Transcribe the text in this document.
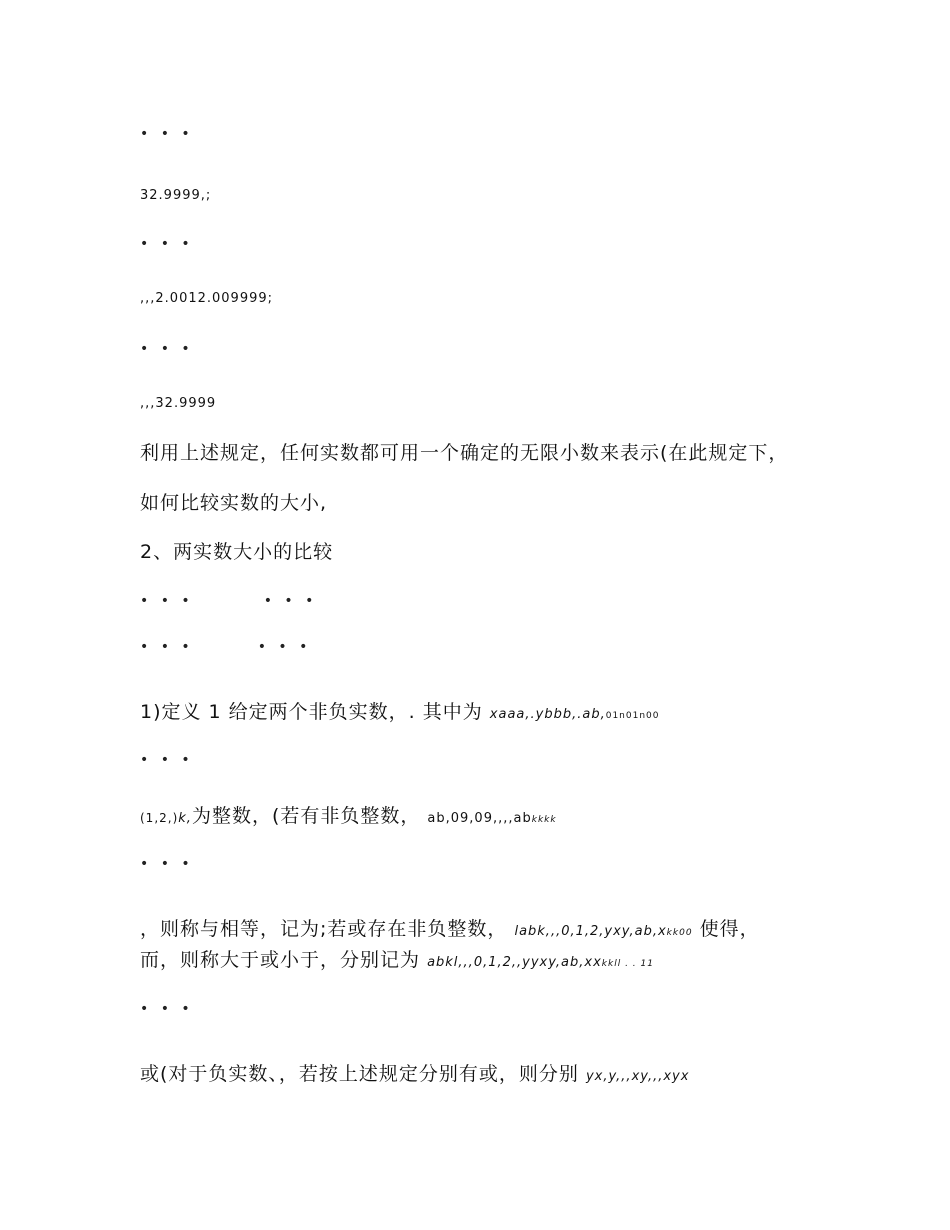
• • •
32.9999,;
• • •
,,,2.0012.009999;
• • •
,,,32.9999
利用上述规定，任何实数都可用一个确定的无限小数来表示(在此规定下，
如何比较实数的大小,
2、两实数大小的比较
• • •	• • •
• • •	• • •
1)定义 1 给定两个非负实数，. 其中为 xaaa,.ybbb,.ab,01n01n00
• • •
(1,2,)k,为整数，(若有非负整数， ab,09,09,,,,abkkkk
• • •
，则称与相等，记为;若或存在非负整数， labk,,,0,1,2,yxy,ab,xkk00 使得，
而，则称大于或小于，分别记为 abkl,,,0,1,2,,yyxy,ab,xxkkll . . 11
• • •
或(对于负实数、，若按上述规定分别有或，则分别 yx,y,,,xy,,,xyx
